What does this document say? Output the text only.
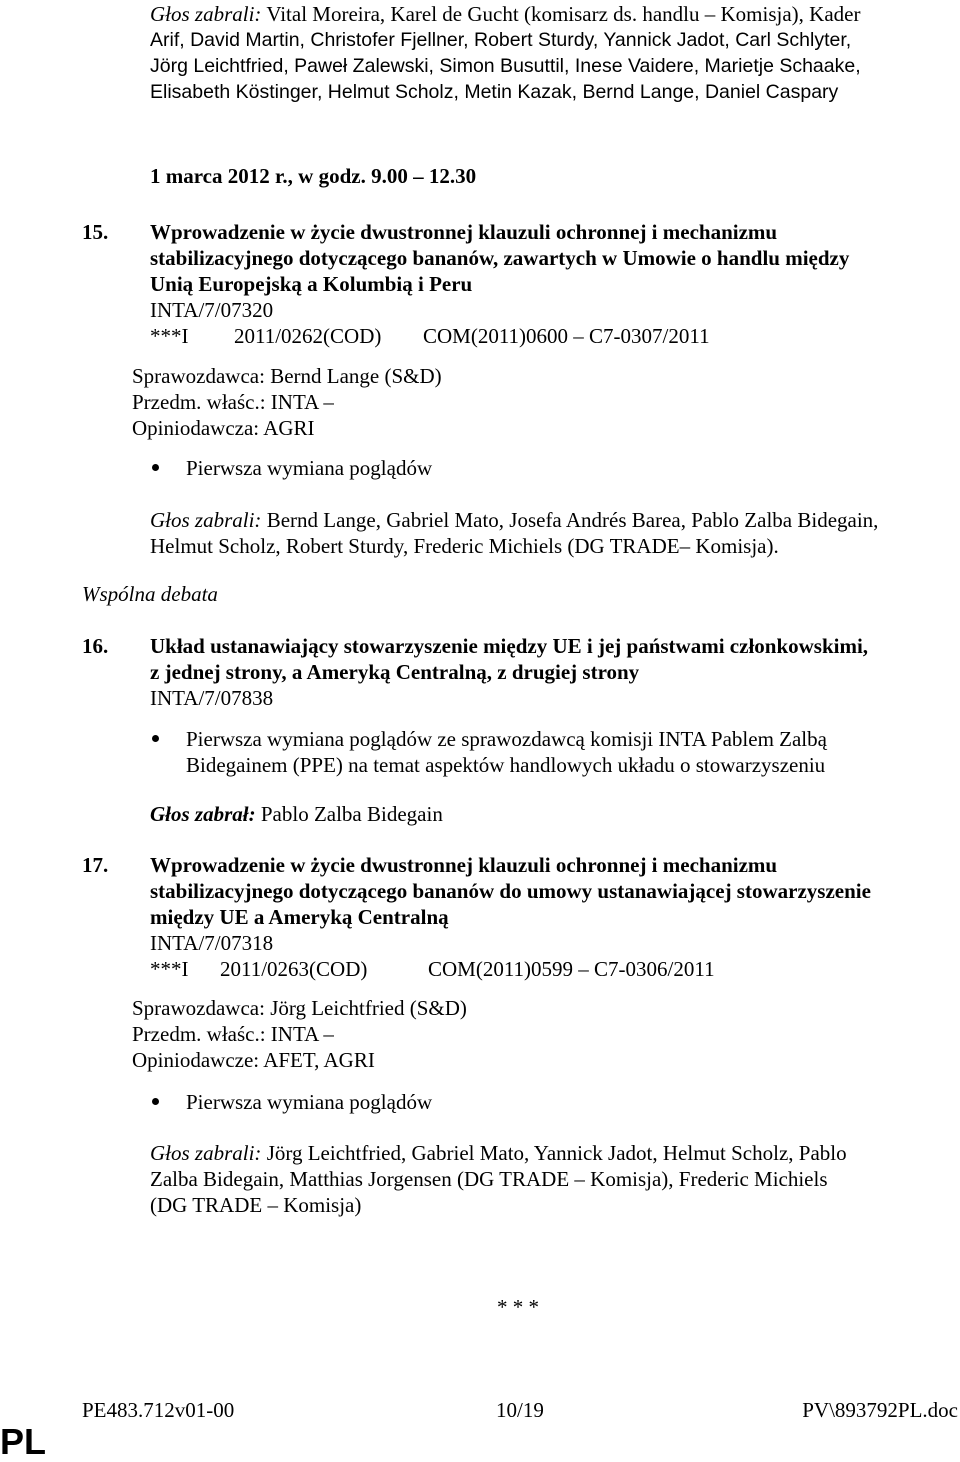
Głos zabrali: Vital Moreira, Karel de Gucht (komisarz ds. handlu – Komisja), Kader
Arif, David Martin, Christofer Fjellner, Robert Sturdy, Yannick Jadot, Carl Schlyter,
Jörg Leichtfried, Paweł Zalewski, Simon Busuttil, Inese Vaidere, Marietje Schaake,
Elisabeth Köstinger, Helmut Scholz, Metin Kazak, Bernd Lange, Daniel Caspary
1 marca 2012 r., w godz. 9.00 – 12.30
15. Wprowadzenie w życie dwustronnej klauzuli ochronnej i mechanizmu
stabilizacyjnego dotyczącego bananów, zawartych w Umowie o handlu między
Unią Europejską a Kolumbią i Peru
INTA/7/07320
***I 2011/0262(COD) COM(2011)0600 – C7-0307/2011
Sprawozdawca: Bernd Lange (S&D)
Przedm. właśc.: INTA –
Opiniodawcza: AGRI
Pierwsza wymiana poglądów
Głos zabrali: Bernd Lange, Gabriel Mato, Josefa Andrés Barea, Pablo Zalba Bidegain,
Helmut Scholz, Robert Sturdy, Frederic Michiels (DG TRADE– Komisja).
Wspólna debata
16. Układ ustanawiający stowarzyszenie między UE i jej państwami członkowskimi,
z jednej strony, a Ameryką Centralną, z drugiej strony
INTA/7/07838
Pierwsza wymiana poglądów ze sprawozdawcą komisji INTA Pablem Zalbą
Bidegainem (PPE) na temat aspektów handlowych układu o stowarzyszeniu
Głos zabrał: Pablo Zalba Bidegain
17. Wprowadzenie w życie dwustronnej klauzuli ochronnej i mechanizmu
stabilizacyjnego dotyczącego bananów do umowy ustanawiającej stowarzyszenie
między UE a Ameryką Centralną
INTA/7/07318
***I 2011/0263(COD)	COM(2011)0599 – C7-0306/2011
Sprawozdawca: Jörg Leichtfried (S&D)
Przedm. właśc.: INTA –
Opiniodawcze: AFET, AGRI
Pierwsza wymiana poglądów
Głos zabrali: Jörg Leichtfried, Gabriel Mato, Yannick Jadot, Helmut Scholz, Pablo
Zalba Bidegain, Matthias Jorgensen (DG TRADE – Komisja), Frederic Michiels
(DG TRADE – Komisja)
* * *
PE483.712v01-00	10/19	PV\893792PL.doc
PL
